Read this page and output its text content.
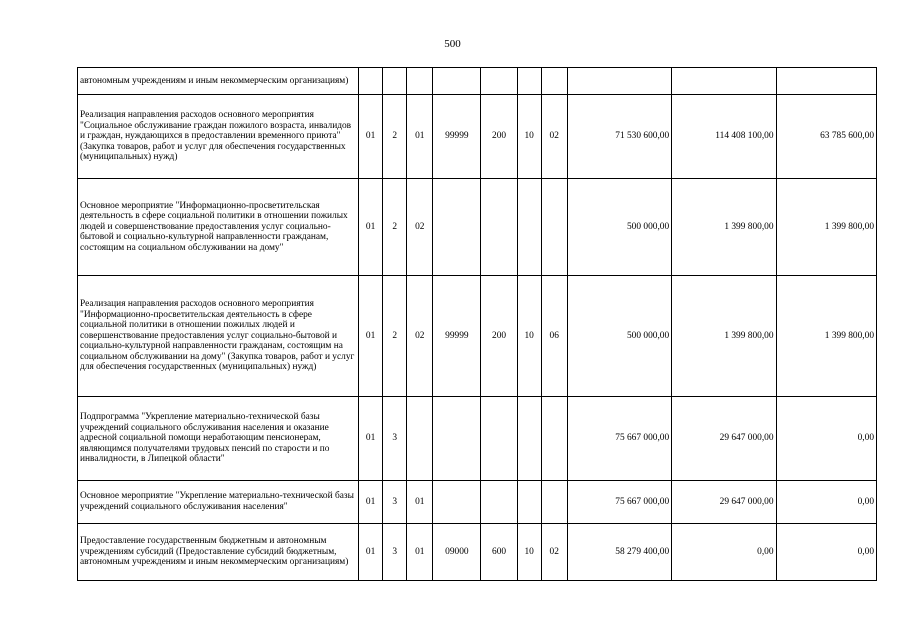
500
автономным учреждениям и иным некоммерческим организациям)										
Реализация направления расходов основного мероприятия "Социальное обслуживание граждан пожилого возраста, инвалидов и граждан, нуждающихся в предоставлении временного приюта" (Закупка товаров, работ и услуг для обеспечения государственных (муниципальных) нужд)	01	2	01	99999	200	10	02	71 530 600,00	114 408 100,00	63 785 600,00
Основное мероприятие "Информационно-просветительская деятельность в сфере социальной политики в отношении пожилых людей и совершенствование предоставления услуг социально-бытовой и социально-культурной направленности гражданам, состоящим на социальном обслуживании на дому"	01	2	02					500 000,00	1 399 800,00	1 399 800,00
Реализация направления расходов основного мероприятия "Информационно-просветительская деятельность в сфере социальной политики в отношении пожилых людей и совершенствование предоставления услуг социально-бытовой и социально-культурной направленности гражданам, состоящим на социальном обслуживании на дому" (Закупка товаров, работ и услуг для обеспечения государственных (муниципальных) нужд)	01	2	02	99999	200	10	06	500 000,00	1 399 800,00	1 399 800,00
Подпрограмма "Укрепление материально-технической базы учреждений социального обслуживания населения и оказание адресной социальной помощи неработающим пенсионерам, являющимся получателями трудовых пенсий по старости и по инвалидности, в Липецкой области"	01	3						75 667 000,00	29 647 000,00	0,00
Основное мероприятие "Укрепление материально-технической базы учреждений социального обслуживания населения"	01	3	01					75 667 000,00	29 647 000,00	0,00
Предоставление государственным бюджетным и автономным учреждениям субсидий (Предоставление субсидий бюджетным, автономным учреждениям и иным некоммерческим организациям)	01	3	01	09000	600	10	02	58 279 400,00	0,00	0,00
